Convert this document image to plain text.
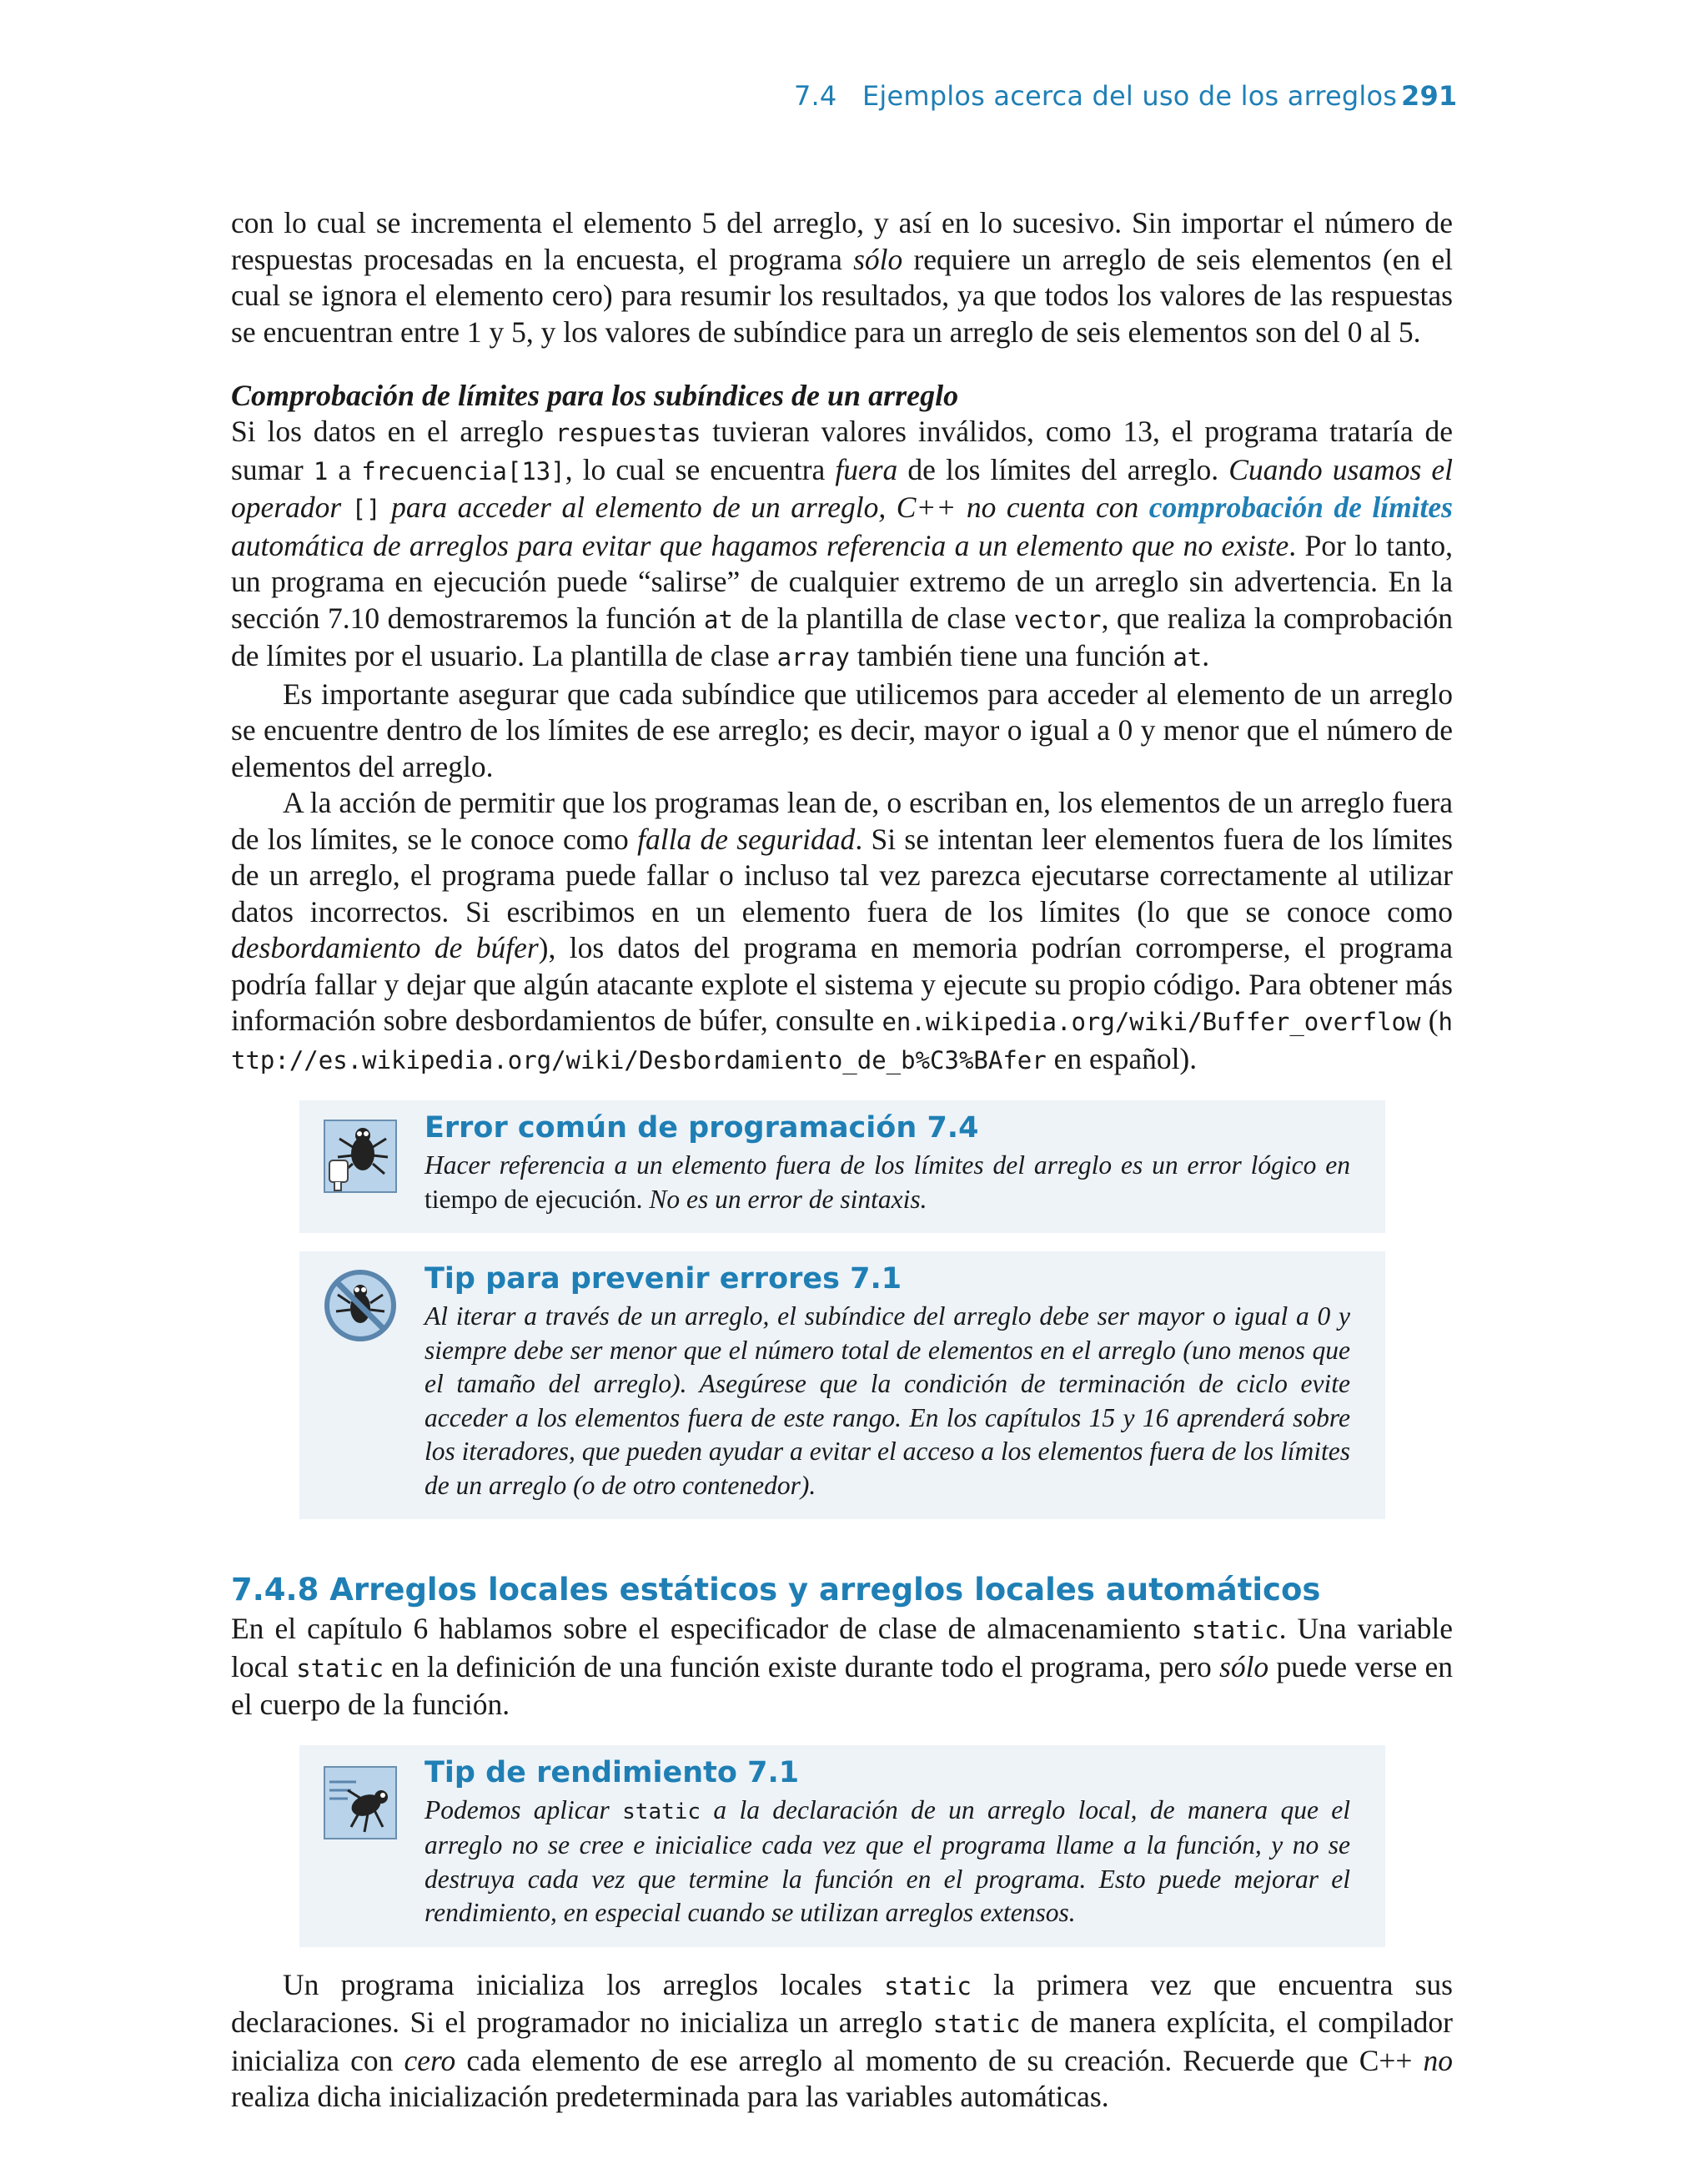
7.4 Ejemplos acerca del uso de los arreglos 291

con lo cual se incrementa el elemento 5 del arreglo, y así en lo sucesivo. Sin importar el número de respuestas procesadas en la encuesta, el programa sólo requiere un arreglo de seis elementos (en el cual se ignora el elemento cero) para resumir los resultados, ya que todos los valores de las respuestas se encuentran entre 1 y 5, y los valores de subíndice para un arreglo de seis elementos son del 0 al 5.

Comprobación de límites para los subíndices de un arreglo

Si los datos en el arreglo respuestas tuvieran valores inválidos, como 13, el programa trataría de sumar 1 a frecuencia[13], lo cual se encuentra fuera de los límites del arreglo. Cuando usamos el operador [] para acceder al elemento de un arreglo, C++ no cuenta con comprobación de límites automática de arreglos para evitar que hagamos referencia a un elemento que no existe. Por lo tanto, un programa en ejecución puede “salirse” de cualquier extremo de un arreglo sin advertencia. En la sección 7.10 demostraremos la función at de la plantilla de clase vector, que realiza la comprobación de límites por el usuario. La plantilla de clase array también tiene una función at.

Es importante asegurar que cada subíndice que utilicemos para acceder al elemento de un arreglo se encuentre dentro de los límites de ese arreglo; es decir, mayor o igual a 0 y menor que el número de elementos del arreglo.

A la acción de permitir que los programas lean de, o escriban en, los elementos de un arreglo fuera de los límites, se le conoce como falla de seguridad. Si se intentan leer elementos fuera de los límites de un arreglo, el programa puede fallar o incluso tal vez parezca ejecutarse correctamente al utilizar datos incorrectos. Si escribimos en un elemento fuera de los límites (lo que se conoce como desbordamiento de búfer), los datos del programa en memoria podrían corromperse, el programa podría fallar y dejar que algún atacante explote el sistema y ejecute su propio código. Para obtener más información sobre desbordamientos de búfer, consulte en.wikipedia.org/wiki/Buffer_overflow (http://es.wikipedia.org/wiki/Desbordamiento_de_b%C3%BAfer en español).

Error común de programación 7.4

Hacer referencia a un elemento fuera de los límites del arreglo es un error lógico en tiempo de ejecución. No es un error de sintaxis.

Tip para prevenir errores 7.1

Al iterar a través de un arreglo, el subíndice del arreglo debe ser mayor o igual a 0 y siempre debe ser menor que el número total de elementos en el arreglo (uno menos que el tamaño del arreglo). Asegúrese que la condición de terminación de ciclo evite acceder a los elementos fuera de este rango. En los capítulos 15 y 16 aprenderá sobre los iteradores, que pueden ayudar a evitar el acceso a los elementos fuera de los límites de un arreglo (o de otro contenedor).

7.4.8 Arreglos locales estáticos y arreglos locales automáticos

En el capítulo 6 hablamos sobre el especificador de clase de almacenamiento static. Una variable local static en la definición de una función existe durante todo el programa, pero sólo puede verse en el cuerpo de la función.

Tip de rendimiento 7.1

Podemos aplicar static a la declaración de un arreglo local, de manera que el arreglo no se cree e inicialice cada vez que el programa llame a la función, y no se destruya cada vez que termine la función en el programa. Esto puede mejorar el rendimiento, en especial cuando se utilizan arreglos extensos.

Un programa inicializa los arreglos locales static la primera vez que encuentra sus declaraciones. Si el programador no inicializa un arreglo static de manera explícita, el compilador inicializa con cero cada elemento de ese arreglo al momento de su creación. Recuerde que C++ no realiza dicha inicialización predeterminada para las variables automáticas.
